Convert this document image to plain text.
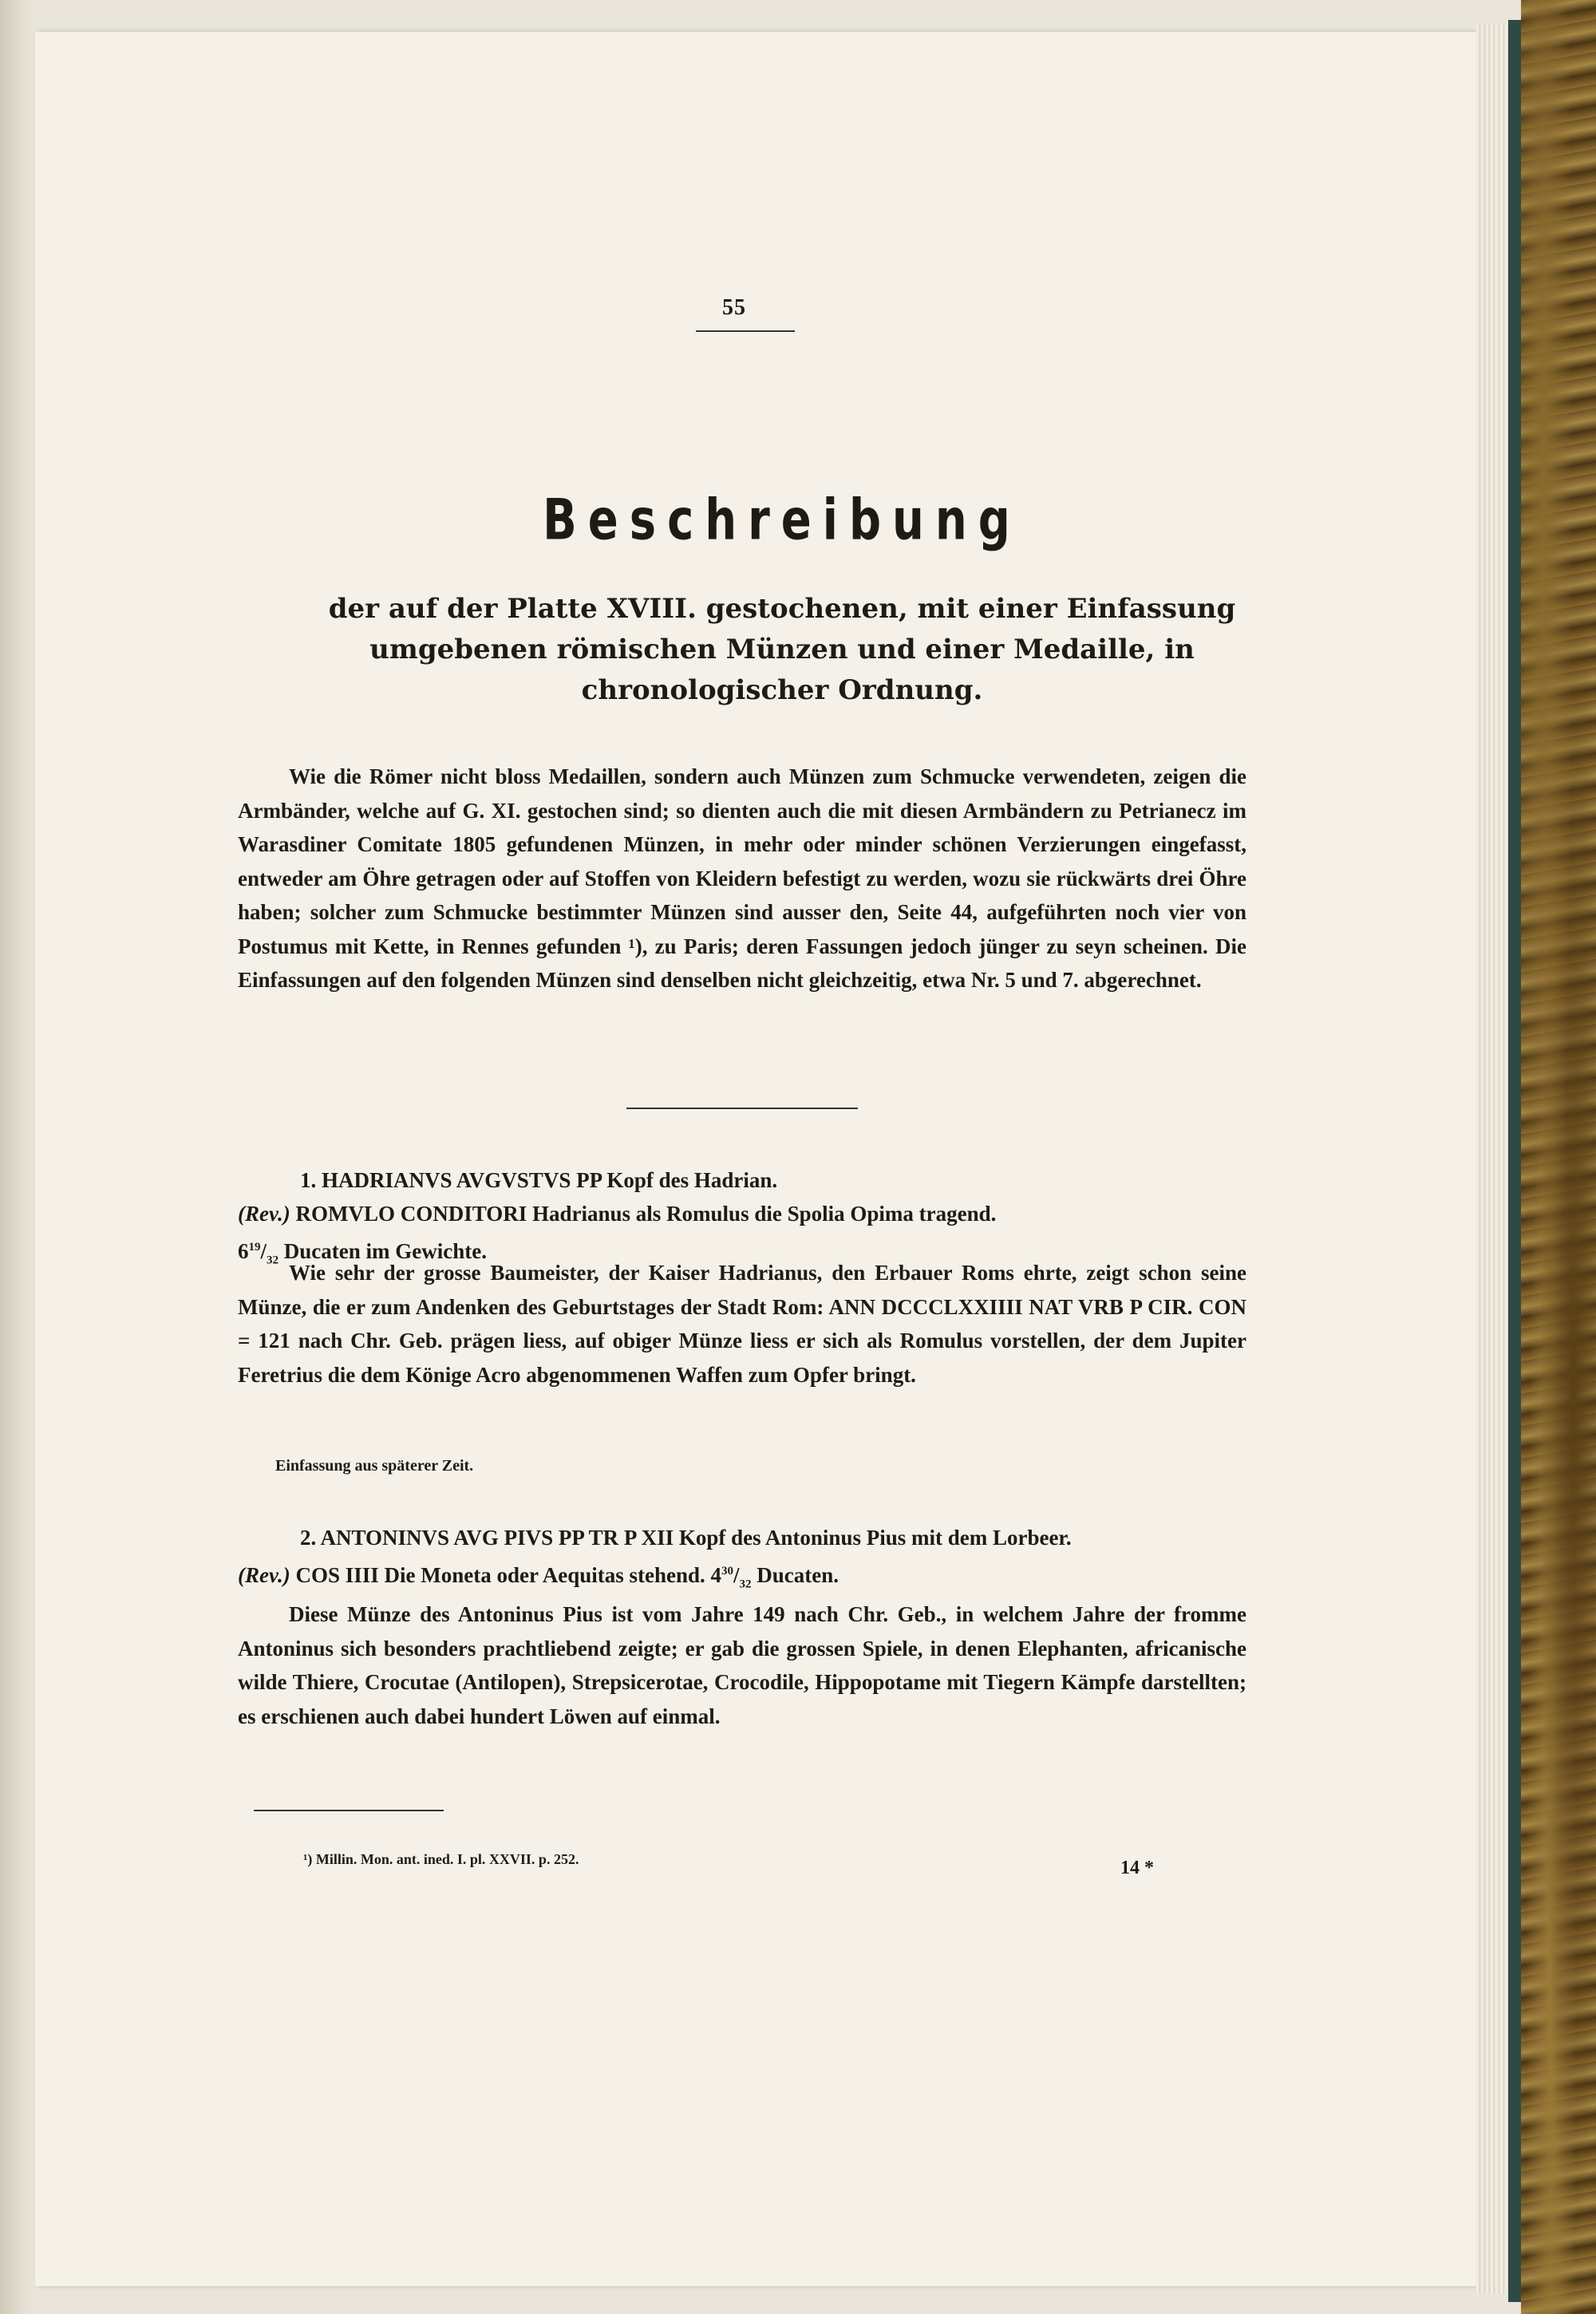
55
Beschreibung
der auf der Platte XVIII. gestochenen, mit einer Einfassung
umgebenen römischen Münzen und einer Medaille, in
chronologischer Ordnung.

Wie die Römer nicht bloss Medaillen, sondern auch Münzen zum Schmucke verwendeten, zeigen die Armbänder, welche auf G. XI. gestochen sind; so dienten auch die mit diesen Armbändern zu Petrianecz im Warasdiner Comitate 1805 gefundenen Münzen, in mehr oder minder schönen Verzierungen eingefasst, entweder am Öhre getragen oder auf Stoffen von Kleidern befestigt zu werden, wozu sie rückwärts drei Öhre haben; solcher zum Schmucke bestimmter Münzen sind ausser den, Seite 44, aufgeführten noch vier von Postumus mit Kette, in Rennes gefunden ¹), zu Paris; deren Fassungen jedoch jünger zu seyn scheinen. Die Einfassungen auf den folgenden Münzen sind denselben nicht gleichzeitig, etwa Nr. 5 und 7. abgerechnet.

1. HADRIANVS AVGVSTVS PP Kopf des Hadrian.
(Rev.) ROMVLO CONDITORI Hadrianus als Romulus die Spolia Opima tragend.
$6^{19}/_{32}$ Ducaten im Gewichte.

Wie sehr der grosse Baumeister, der Kaiser Hadrianus, den Erbauer Roms ehrte, zeigt schon seine Münze, die er zum Andenken des Geburtstages der Stadt Rom: ANN DCCCLXXIIII NAT VRB P CIR. CON = 121 nach Chr. Geb. prägen liess, auf obiger Münze liess er sich als Romulus vorstellen, der dem Jupiter Feretrius die dem Könige Acro abgenommenen Waffen zum Opfer bringt.

Einfassung aus späterer Zeit.
2. ANTONINVS AVG PIVS PP TR P XII Kopf des Antoninus Pius mit dem Lorbeer.
(Rev.) COS IIII Die Moneta oder Aequitas stehend. $4^{30}/_{32}$ Ducaten.

Diese Münze des Antoninus Pius ist vom Jahre 149 nach Chr. Geb., in welchem Jahre der fromme Antoninus sich besonders prachtliebend zeigte; er gab die grossen Spiele, in denen Elephanten, africanische wilde Thiere, Crocutae (Antilopen), Strepsicerotae, Crocodile, Hippopotame mit Tiegern Kämpfe darstellten; es erschienen auch dabei hundert Löwen auf einmal.

¹) Millin. Mon. ant. ined. I. pl. XXVII. p. 252.	14 *
